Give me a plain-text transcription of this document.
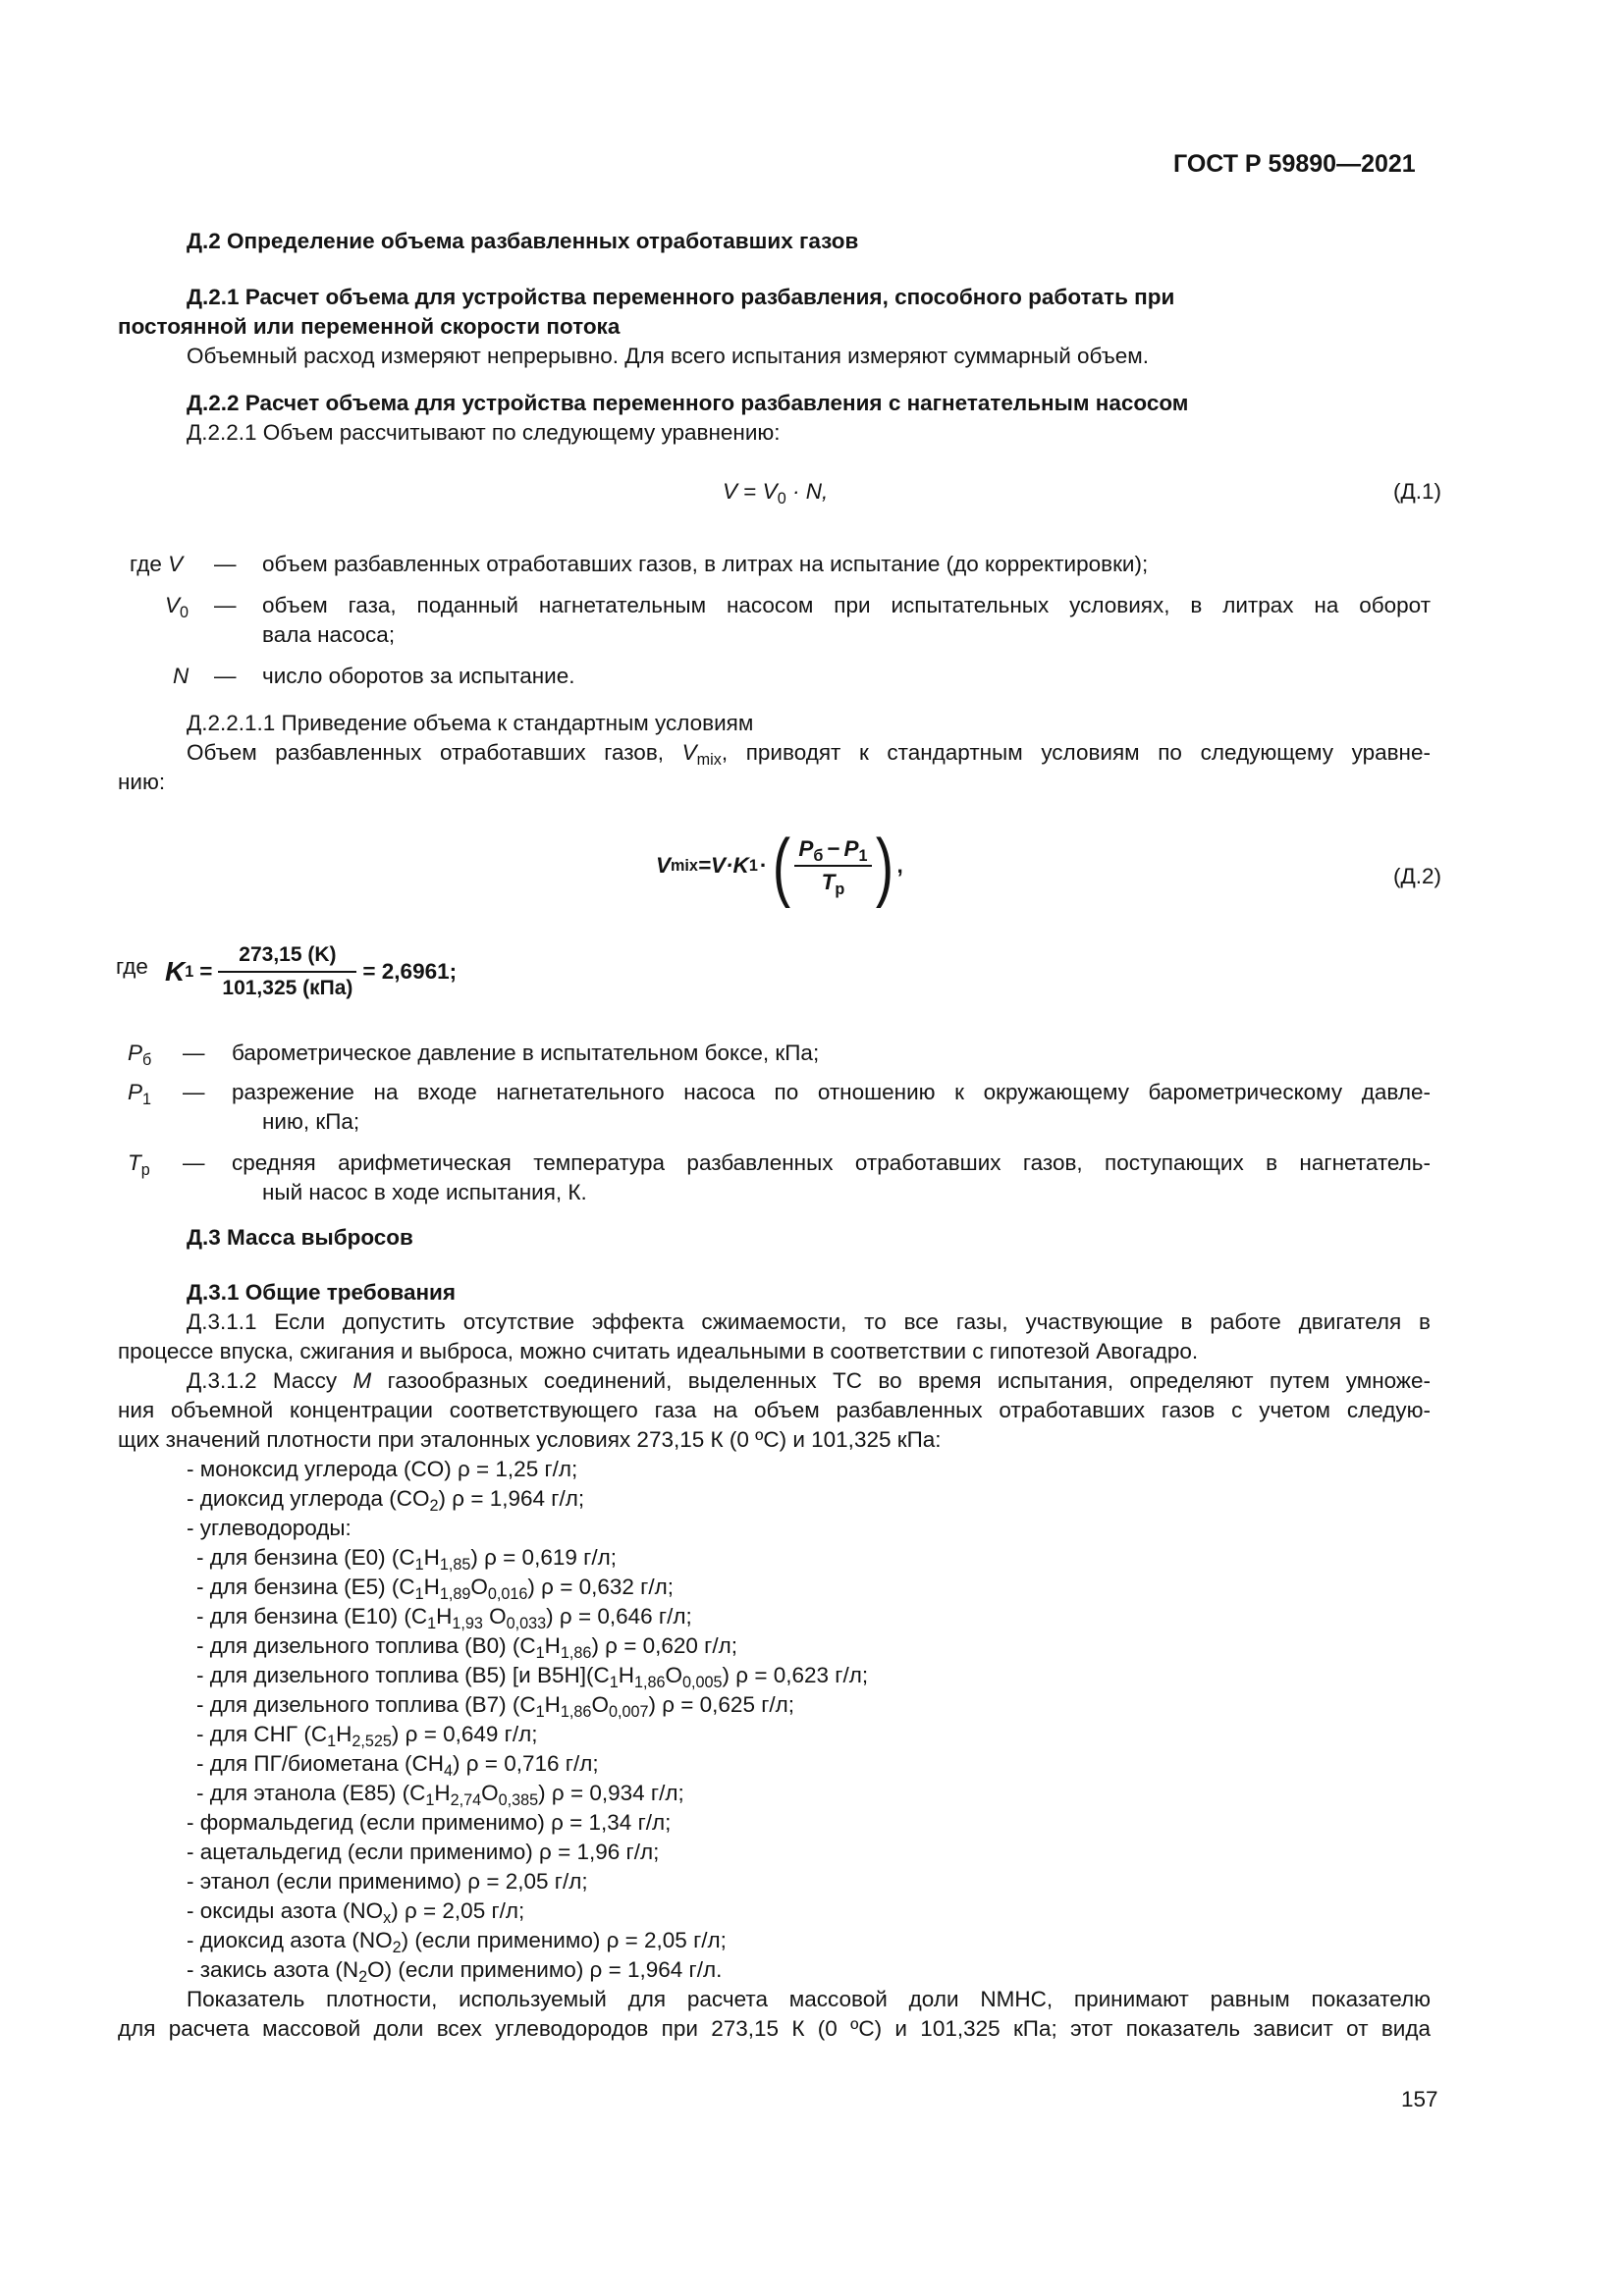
ГОСТ Р 59890—2021
Д.2 Определение объема разбавленных отработавших газов
Д.2.1 Расчет объема для устройства переменного разбавления, способного работать при
постоянной или переменной скорости потока
Объемный расход измеряют непрерывно. Для всего испытания измеряют суммарный объем.
Д.2.2 Расчет объема для устройства переменного разбавления с нагнетательным насосом
Д.2.2.1 Объем рассчитывают по следующему уравнению:
$V = V_0 \cdot N$,	(Д.1)
где V — объем разбавленных отработавших газов, в литрах на испытание (до корректировки);
$V_0$ — объем газа, поданный нагнетательным насосом при испытательных условиях, в литрах на оборот
вала насоса;
N — число оборотов за испытание.
Д.2.2.1.1 Приведение объема к стандартным условиям
Объем разбавленных отработавших газов, $V_{mix}$, приводят к стандартным условиям по следующему уравне-
нию:
V mix =V·K 1 · ( $\frac{P_б - P_1}{T_р}$ ) ,	(Д.2)
где K $1 = \frac{273,15 (K)}{\text{101,325 (кПа)}} = 2,6961$;
$P_б$ — барометрическое давление в испытательном боксе, кПа;
$P_1$ — разрежение на входе нагнетательного насоса по отношению к окружающему барометрическому давле-
нию, кПа;
$T_р$ — средняя арифметическая температура разбавленных отработавших газов, поступающих в нагнетатель-
ный насос в ходе испытания, К.
Д.3 Масса выбросов
Д.3.1 Общие требования
Д.3.1.1 Если допустить отсутствие эффекта сжимаемости, то все газы, участвующие в работе двигателя в
процессе впуска, сжигания и выброса, можно считать идеальными в соответствии с гипотезой Авогадро.
Д.3.1.2 Массу M газообразных соединений, выделенных ТС во время испытания, определяют путем умноже-
ния объемной концентрации соответствующего газа на объем разбавленных отработавших газов с учетом следую-
щих значений плотности при эталонных условиях 273,15 К (0 ºС) и 101,325 кПа:
- моноксид углерода (CO) ρ = 1,25 г/л;
- диоксид углерода $(CO_2) \rho = 1,964$ г/л;
- углеводороды:
- для бензина (Е0) $(C_1H_{1,85}) \rho = 0,619$ г/л;
- для бензина (Е5) $(C_1H_{1,89}O_{0,016}) \rho = 0,632$ г/л;
- для бензина (Е10) ($C_1H_{1,93}$ $O_{0,033}$) ρ = 0,646 г/л;
- для дизельного топлива (В0) $(C_1H_{1,86}) \rho = 0,620$ г/л;
- для дизельного топлива (В5) [и $В5Н](C_1H_{1,86}O_{0,005}) \rho = 0,623$ г/л;
- для дизельного топлива (В7) $(C_1H_{1,86}O_{0,007}) \rho = 0,625$ г/л;
- для СНГ $(C_1H_{2,525}) \rho = 0,649$ г/л;
- для ПГ/биометана $(CH_4) \rho = 0,716$ г/л;
- для этанола (Е85) $(C_1H_{2,74}O_{0,385}) \rho = 0,934$ г/л;
- формальдегид (если применимо) ρ = 1,34 г/л;
- ацетальдегид (если применимо) ρ = 1,96 г/л;
- этанол (если применимо) ρ = 2,05 г/л;
- оксиды азота $(NO_x) \rho = 2,05$ г/л;
- диоксид азота $(NO_2)$ (если применимо) ρ = 2,05 г/л;
- закись азота $(N_2O)$ (если применимо) ρ = 1,964 г/л.
Показатель плотности, используемый для расчета массовой доли NMHC, принимают равным показателю
для расчета массовой доли всех углеводородов при 273,15 К (0 ºС) и 101,325 кПа; этот показатель зависит от вида
157
